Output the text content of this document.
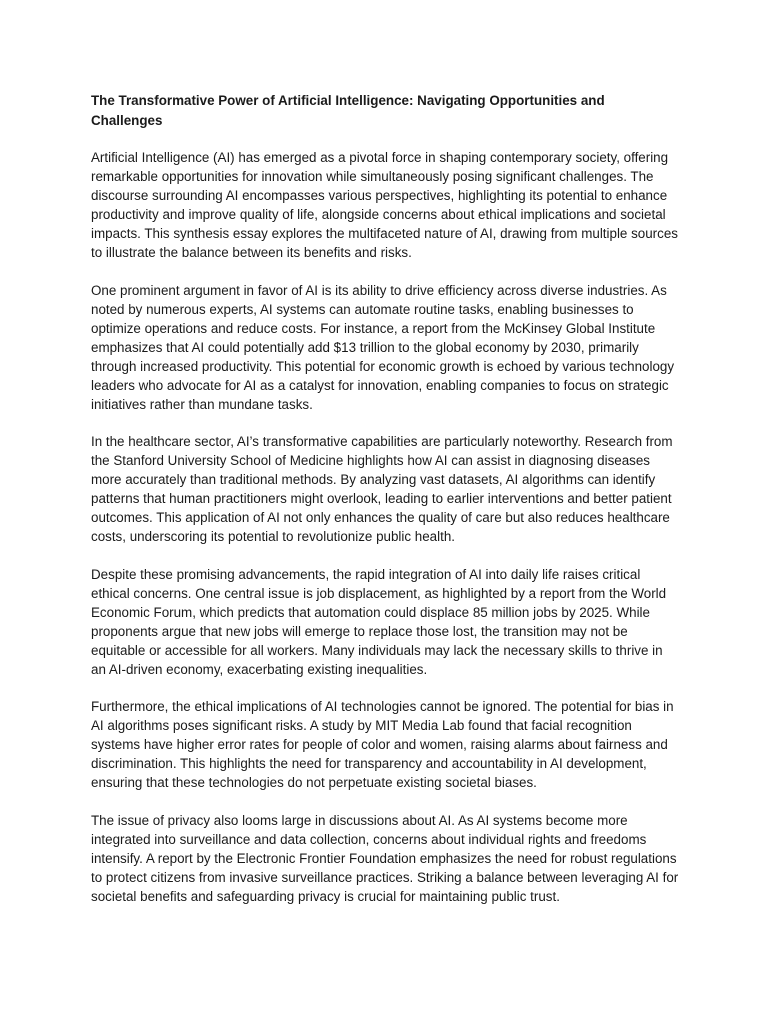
The Transformative Power of Artificial Intelligence: Navigating Opportunities and Challenges

Artificial Intelligence (AI) has emerged as a pivotal force in shaping contemporary society, offering remarkable opportunities for innovation while simultaneously posing significant challenges. The discourse surrounding AI encompasses various perspectives, highlighting its potential to enhance productivity and improve quality of life, alongside concerns about ethical implications and societal impacts. This synthesis essay explores the multifaceted nature of AI, drawing from multiple sources to illustrate the balance between its benefits and risks.

One prominent argument in favor of AI is its ability to drive efficiency across diverse industries. As noted by numerous experts, AI systems can automate routine tasks, enabling businesses to optimize operations and reduce costs. For instance, a report from the McKinsey Global Institute emphasizes that AI could potentially add $13 trillion to the global economy by 2030, primarily through increased productivity. This potential for economic growth is echoed by various technology leaders who advocate for AI as a catalyst for innovation, enabling companies to focus on strategic initiatives rather than mundane tasks.

In the healthcare sector, AI’s transformative capabilities are particularly noteworthy. Research from the Stanford University School of Medicine highlights how AI can assist in diagnosing diseases more accurately than traditional methods. By analyzing vast datasets, AI algorithms can identify patterns that human practitioners might overlook, leading to earlier interventions and better patient outcomes. This application of AI not only enhances the quality of care but also reduces healthcare costs, underscoring its potential to revolutionize public health.

Despite these promising advancements, the rapid integration of AI into daily life raises critical ethical concerns. One central issue is job displacement, as highlighted by a report from the World Economic Forum, which predicts that automation could displace 85 million jobs by 2025. While proponents argue that new jobs will emerge to replace those lost, the transition may not be equitable or accessible for all workers. Many individuals may lack the necessary skills to thrive in an AI-driven economy, exacerbating existing inequalities.

Furthermore, the ethical implications of AI technologies cannot be ignored. The potential for bias in AI algorithms poses significant risks. A study by MIT Media Lab found that facial recognition systems have higher error rates for people of color and women, raising alarms about fairness and discrimination. This highlights the need for transparency and accountability in AI development, ensuring that these technologies do not perpetuate existing societal biases.

The issue of privacy also looms large in discussions about AI. As AI systems become more integrated into surveillance and data collection, concerns about individual rights and freedoms intensify. A report by the Electronic Frontier Foundation emphasizes the need for robust regulations to protect citizens from invasive surveillance practices. Striking a balance between leveraging AI for societal benefits and safeguarding privacy is crucial for maintaining public trust.
